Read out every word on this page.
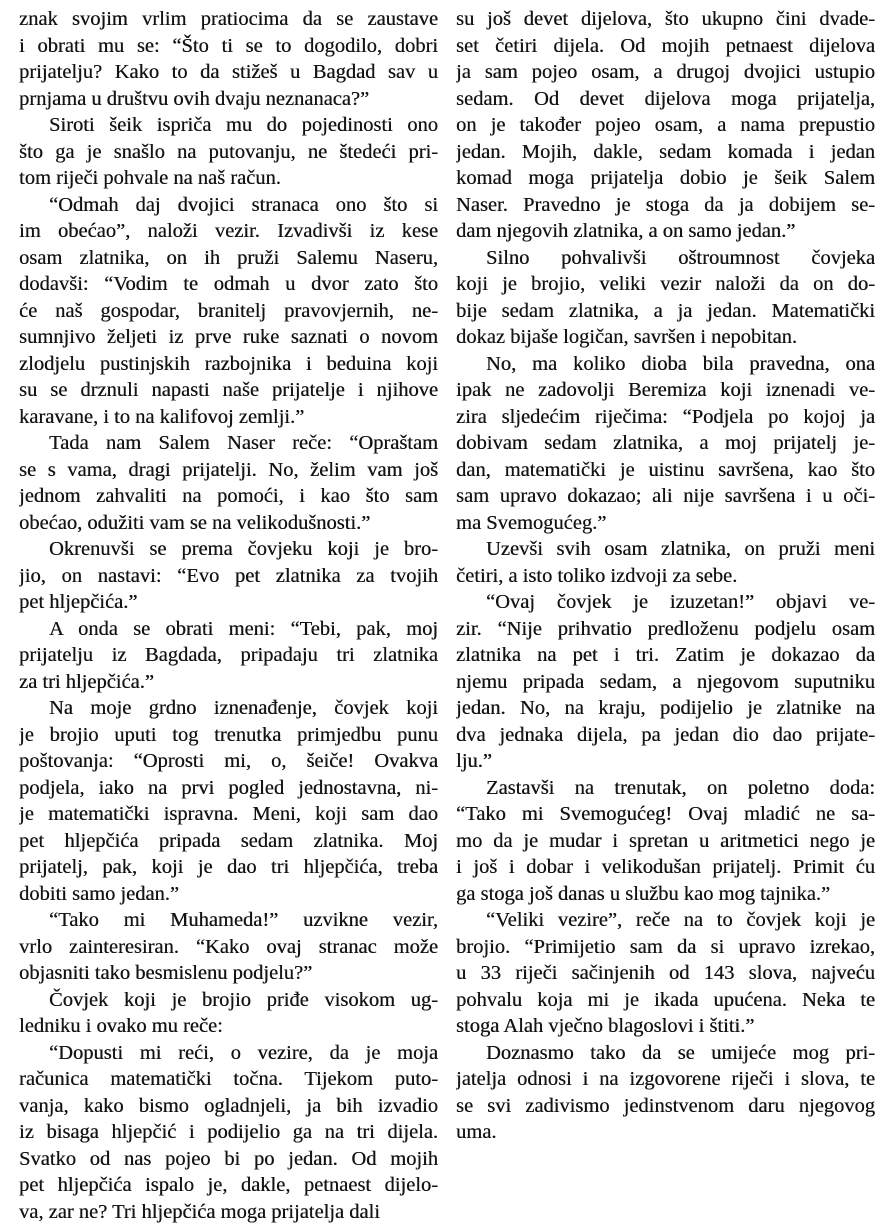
znak svojim vrlim pratiocima da se zaustave
i obrati mu se: “Što ti se to dogodilo, dobri
prijatelju? Kako to da stižeš u Bagdad sav u
prnjama u društvu ovih dvaju neznanaca?”
Siroti šeik ispriča mu do pojedinosti ono
što ga je snašlo na putovanju, ne štedeći pri-
tom riječi pohvale na naš račun.
“Odmah daj dvojici stranaca ono što si
im obećao”, naloži vezir. Izvadivši iz kese
osam zlatnika, on ih pruži Salemu Naseru,
dodavši: “Vodim te odmah u dvor zato što
će naš gospodar, branitelj pravovjernih, ne-
sumnjivo željeti iz prve ruke saznati o novom
zlodjelu pustinjskih razbojnika i beduina koji
su se drznuli napasti naše prijatelje i njihove
karavane, i to na kalifovoj zemlji.”
Tada nam Salem Naser reče: “Opraštam
se s vama, dragi prijatelji. No, želim vam još
jednom zahvaliti na pomoći, i kao što sam
obećao, odužiti vam se na velikodušnosti.”
Okrenuvši se prema čovjeku koji je bro-
jio, on nastavi: “Evo pet zlatnika za tvojih
pet hljepčića.”
A onda se obrati meni: “Tebi, pak, moj
prijatelju iz Bagdada, pripadaju tri zlatnika
za tri hljepčića.”
Na moje grdno iznenađenje, čovjek koji
je brojio uputi tog trenutka primjedbu punu
poštovanja: “Oprosti mi, o, šeiče! Ovakva
podjela, iako na prvi pogled jednostavna, ni-
je matematički ispravna. Meni, koji sam dao
pet hljepčića pripada sedam zlatnika. Moj
prijatelj, pak, koji je dao tri hljepčića, treba
dobiti samo jedan.”
“Tako mi Muhameda!” uzvikne vezir,
vrlo zainteresiran. “Kako ovaj stranac može
objasniti tako besmislenu podjelu?”
Čovjek koji je brojio priđe visokom ug-
ledniku i ovako mu reče:
“Dopusti mi reći, o vezire, da je moja
računica matematički točna. Tijekom puto-
vanja, kako bismo ogladnjeli, ja bih izvadio
iz bisaga hljepčić i podijelio ga na tri dijela.
Svatko od nas pojeo bi po jedan. Od mojih
pet hljepčića ispalo je, dakle, petnaest dijelo-
va, zar ne? Tri hljepčića moga prijatelja dali
su još devet dijelova, što ukupno čini dvade-
set četiri dijela. Od mojih petnaest dijelova
ja sam pojeo osam, a drugoj dvojici ustupio
sedam. Od devet dijelova moga prijatelja,
on je također pojeo osam, a nama prepustio
jedan. Mojih, dakle, sedam komada i jedan
komad moga prijatelja dobio je šeik Salem
Naser. Pravedno je stoga da ja dobijem se-
dam njegovih zlatnika, a on samo jedan.”
Silno pohvalivši oštroumnost čovjeka
koji je brojio, veliki vezir naloži da on do-
bije sedam zlatnika, a ja jedan. Matematički
dokaz bijaše logičan, savršen i nepobitan.
No, ma koliko dioba bila pravedna, ona
ipak ne zadovolji Beremiza koji iznenadi ve-
zira sljedećim riječima: “Podjela po kojoj ja
dobivam sedam zlatnika, a moj prijatelj je-
dan, matematički je uistinu savršena, kao što
sam upravo dokazao; ali nije savršena i u oči-
ma Svemogućeg.”
Uzevši svih osam zlatnika, on pruži meni
četiri, a isto toliko izdvoji za sebe.
“Ovaj čovjek je izuzetan!” objavi ve-
zir. “Nije prihvatio predloženu podjelu osam
zlatnika na pet i tri. Zatim je dokazao da
njemu pripada sedam, a njegovom suputniku
jedan. No, na kraju, podijelio je zlatnike na
dva jednaka dijela, pa jedan dio dao prijate-
lju.”
Zastavši na trenutak, on poletno doda:
“Tako mi Svemogućeg! Ovaj mladić ne sa-
mo da je mudar i spretan u aritmetici nego je
i još i dobar i velikodušan prijatelj. Primit ću
ga stoga još danas u službu kao mog tajnika.”
“Veliki vezire”, reče na to čovjek koji je
brojio. “Primijetio sam da si upravo izrekao,
u 33 riječi sačinjenih od 143 slova, najveću
pohvalu koja mi je ikada upućena. Neka te
stoga Alah vječno blagoslovi i štiti.”
Doznasmo tako da se umijeće mog pri-
jatelja odnosi i na izgovorene riječi i slova, te
se svi zadivismo jedinstvenom daru njegovog
uma.
